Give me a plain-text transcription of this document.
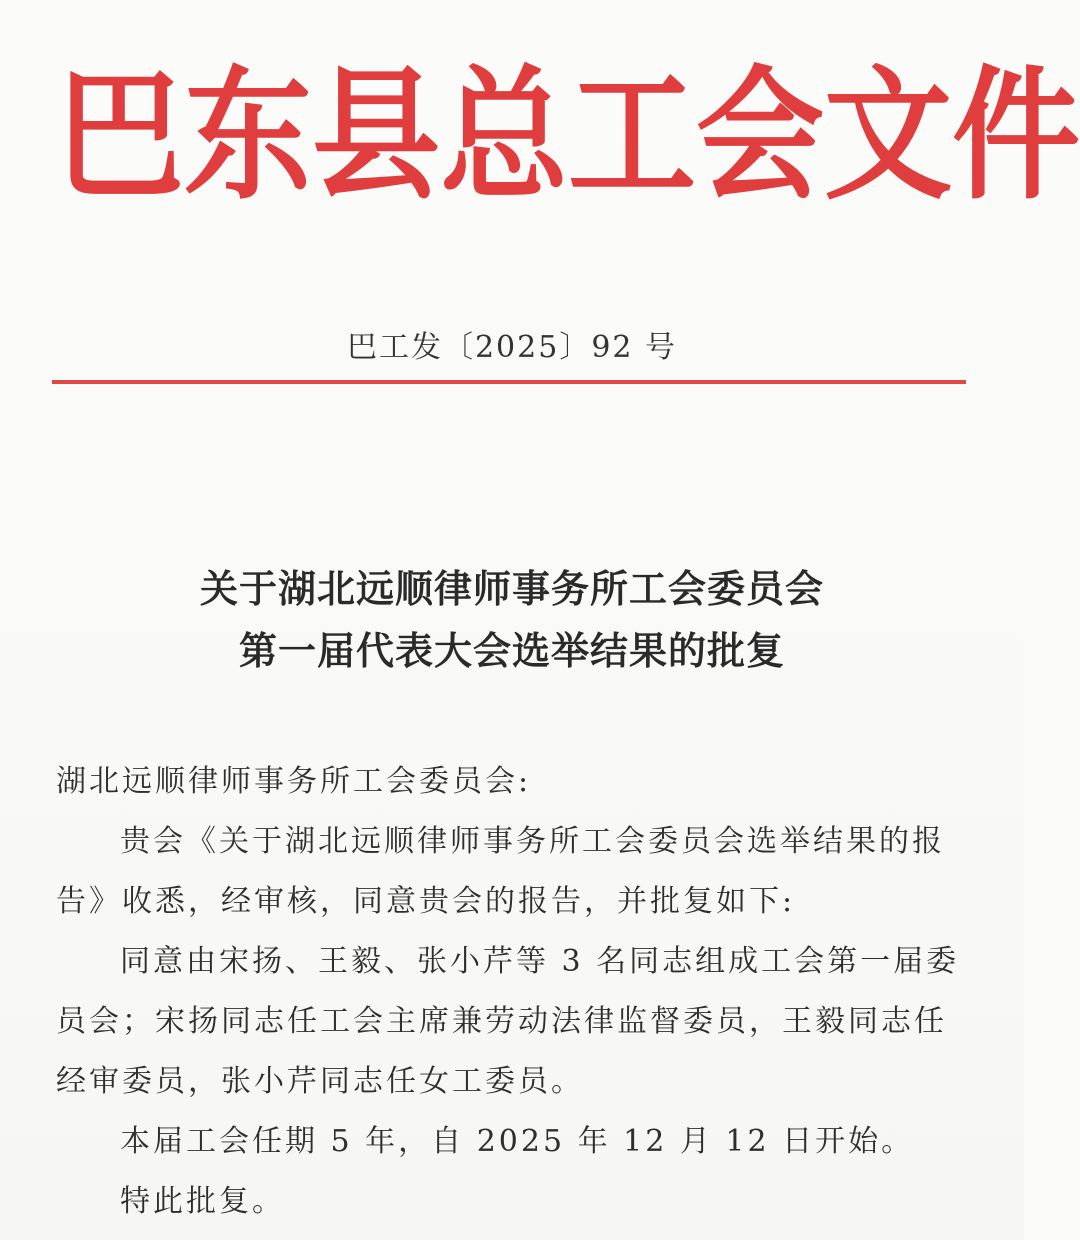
巴 东 县 总 工 会 文 件
巴工发〔2025〕92 号
关于湖北远顺律师事务所工会委员会
第一届代表大会选举结果的批复

湖北远顺律师事务所工会委员会:

贵会《关于湖北远顺律师事务所工会委员会选举结果的报告》收悉，经审核，同意贵会的报告，并批复如下:

同意由宋扬、王毅、张小芹等 3 名同志组成工会第一届委员会；宋扬同志任工会主席兼劳动法律监督委员，王毅同志任经审委员，张小芹同志任女工委员。

本届工会任期 5 年，自 2025 年 12 月 12 日开始。

特此批复。
